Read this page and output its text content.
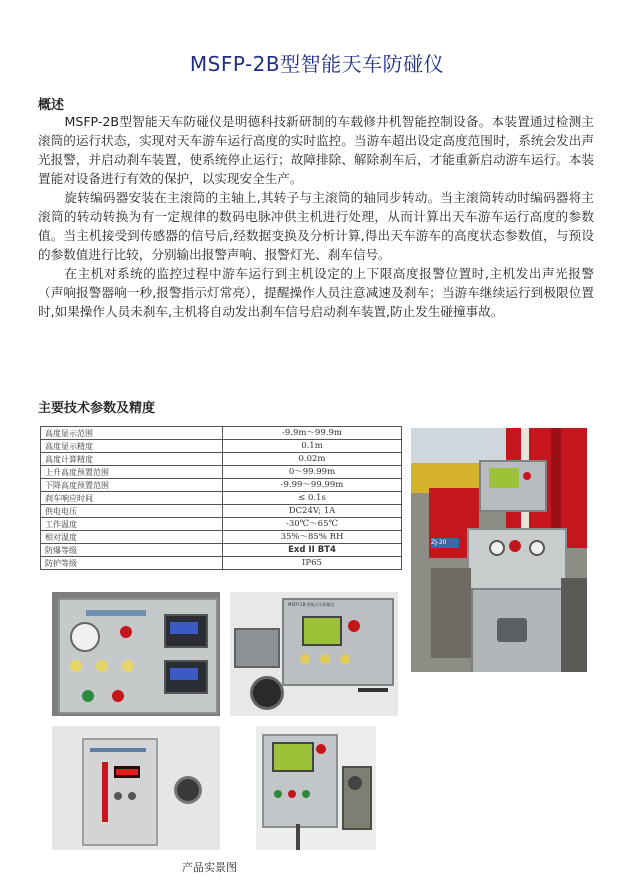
MSFP-2B型智能天车防碰仪
概述

MSFP-2B型智能天车防碰仪是明德科技新研制的车载修井机智能控制设备。本装置通过检测主滚筒的运行状态，实现对天车游车运行高度的实时监控。当游车超出设定高度范围时，系统会发出声光报警，并启动刹车装置，使系统停止运行；故障排除、解除刹车后，才能重新启动游车运行。本装置能对设备进行有效的保护，以实现安全生产。

旋转编码器安装在主滚筒的主轴上,其转子与主滚筒的轴同步转动。当主滚筒转动时编码器将主滚筒的转动转换为有一定规律的数码电脉冲供主机进行处理，从而计算出天车游车运行高度的参数值。当主机接受到传感器的信号后,经数据变换及分析计算,得出天车游车的高度状态参数值，与预设的参数值进行比较，分别输出报警声响、报警灯光、刹车信号。

在主机对系统的监控过程中游车运行到主机设定的上下限高度报警位置时,主机发出声光报警（声响报警器响一秒,报警指示灯常亮），提醒操作人员注意减速及刹车；当游车继续运行到极限位置时,如果操作人员未刹车,主机将自动发出刹车信号启动刹车装置,防止发生碰撞事故。

主要技术参数及精度
高度显示范围	-9.9m～99.9m
高度显示精度	0.1m
高度计算精度	0.02m
上升高度预置范围	0～99.99m
下降高度预置范围	-9.99～99.99m
刹车响应时间	≤ 0.1s
供电电压	DC24V; 1A
工作温度	-30℃～65℃
相对湿度	35%～85% RH
防爆等级	Exd II BT4
防护等级	IP65
ZJ-20
MSFP-2B 智能天车防碰仪
产品实景图
